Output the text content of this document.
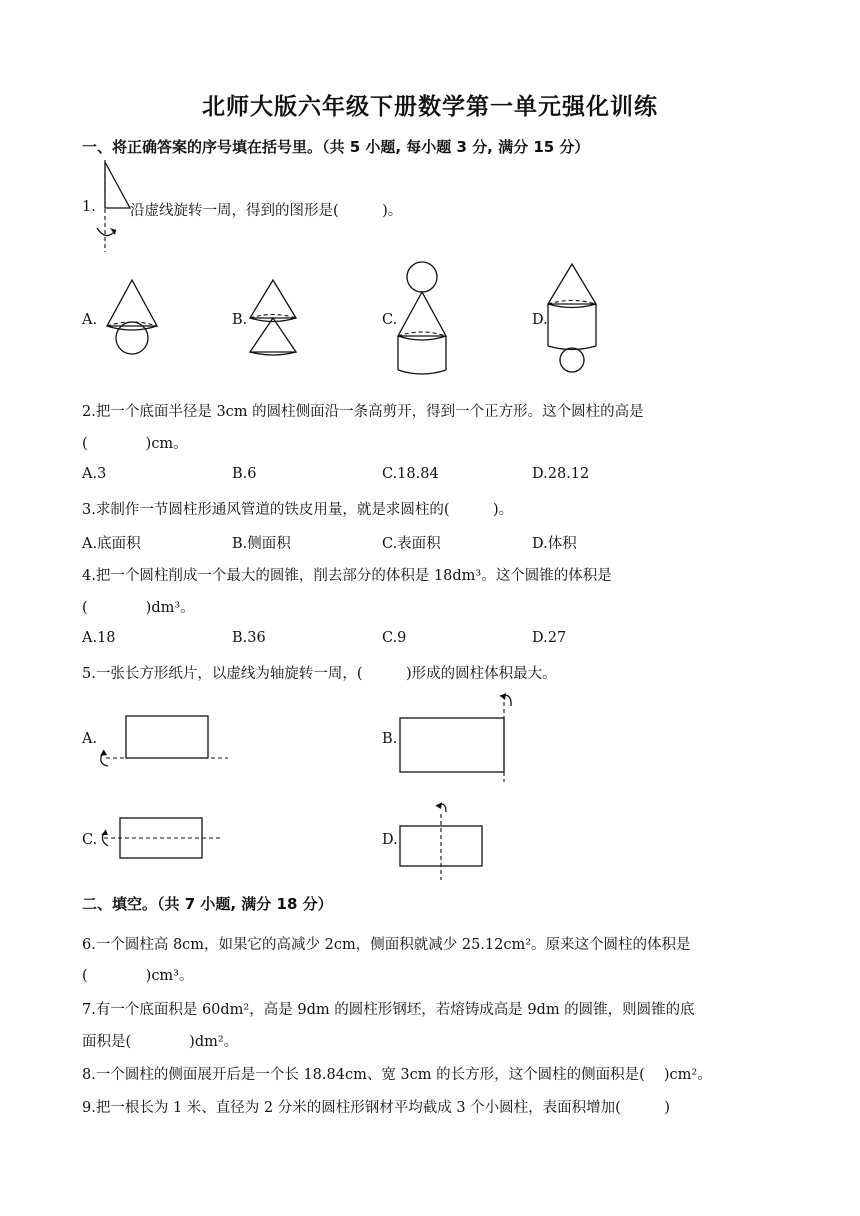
北师大版六年级下册数学第一单元强化训练
一、将正确答案的序号填在括号里。（共 5 小题, 每小题 3 分, 满分 15 分）
1. 沿虚线旋转一周，得到的图形是(　　　)。
A.	B.	C.	D.
2.把一个底面半径是 3cm 的圆柱侧面沿一条高剪开，得到一个正方形。这个圆柱的高是
(　　　　)cm。
A.3	B.6	C.18.84	D.28.12
3.求制作一节圆柱形通风管道的铁皮用量，就是求圆柱的(　　　)。
A.底面积	B.侧面积	C.表面积	D.体积
4.把一个圆柱削成一个最大的圆锥，削去部分的体积是 18dm³。这个圆锥的体积是
(　　　　)dm³。
A.18	B.36	C.9	D.27
5.一张长方形纸片，以虚线为轴旋转一周，(　　　)形成的圆柱体积最大。
A.	B.
C.	D.
二、填空。（共 7 小题, 满分 18 分）
6.一个圆柱高 8cm，如果它的高减少 2cm，侧面积就减少 25.12cm²。原来这个圆柱的体积是
(　　　　)cm³。
7.有一个底面积是 60dm²，高是 9dm 的圆柱形钢坯，若熔铸成高是 9dm 的圆锥，则圆锥的底
面积是(　　　　)dm²。
8.一个圆柱的侧面展开后是一个长 18.84cm、宽 3cm 的长方形，这个圆柱的侧面积是(　 )cm²。
9.把一根长为 1 米、直径为 2 分米的圆柱形钢材平均截成 3 个小圆柱，表面积增加(　　　)
